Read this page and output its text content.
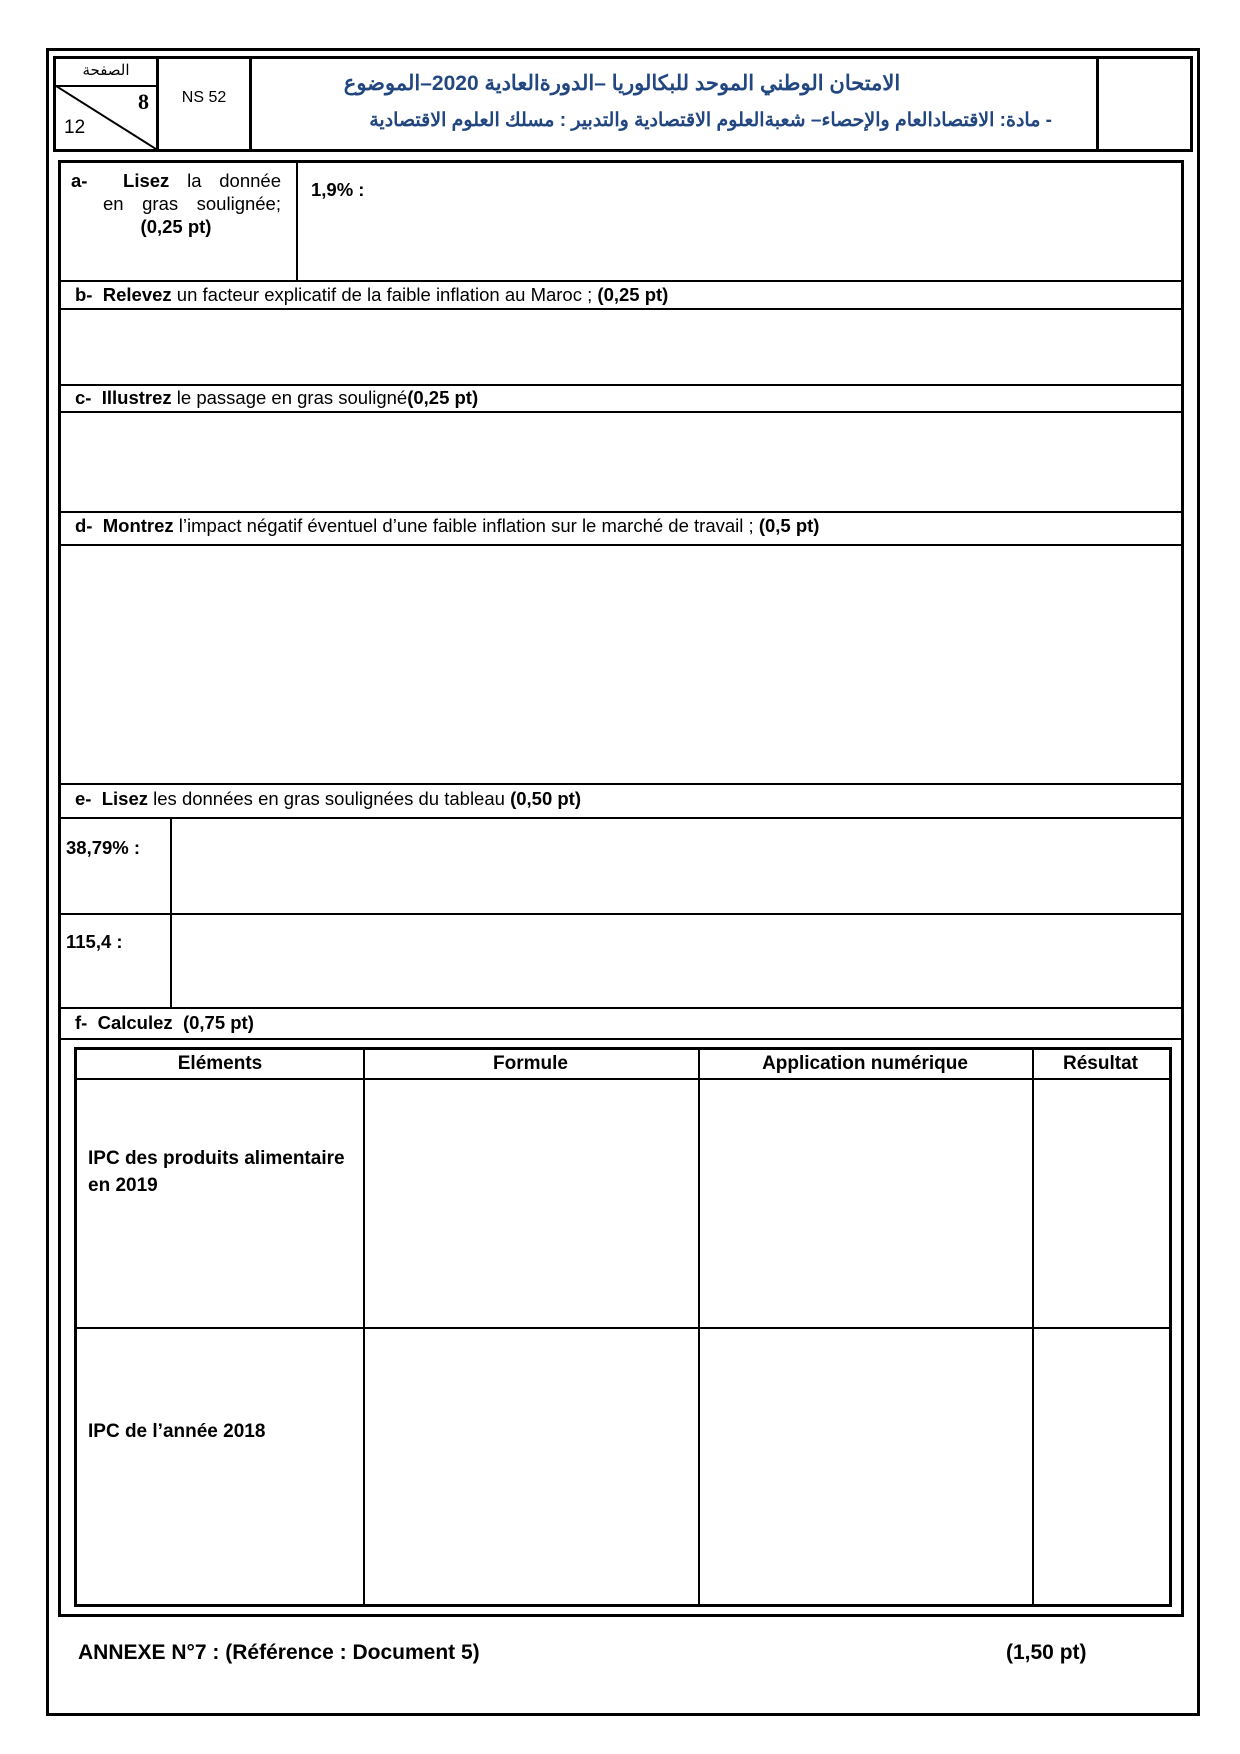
الصفحة
8
12
NS 52
الامتحان الوطني الموحد للبكالوريا –الدورةالعادية 2020–الموضوع
- مادة: الاقتصادالعام والإحصاء– شعبةالعلوم الاقتصادية والتدبير : مسلك العلوم الاقتصادية
a- Lisez la donnée
en gras soulignée;
(0,25 pt)
1,9% :
b- Relevez un facteur explicatif de la faible inflation au Maroc ; (0,25 pt)
c- Illustrez le passage en gras souligné(0,25 pt)
d- Montrez l’impact négatif éventuel d’une faible inflation sur le marché de travail ; (0,5 pt)
e- Lisez les données en gras soulignées du tableau (0,50 pt)
38,79% :
115,4 :
f- Calculez (0,75 pt)
Eléments	Formule	Application numérique	Résultat
IPC des produits alimentaire
en 2019
IPC de l’année 2018
ANNEXE N°7 : (Référence : Document 5)	(1,50 pt)
